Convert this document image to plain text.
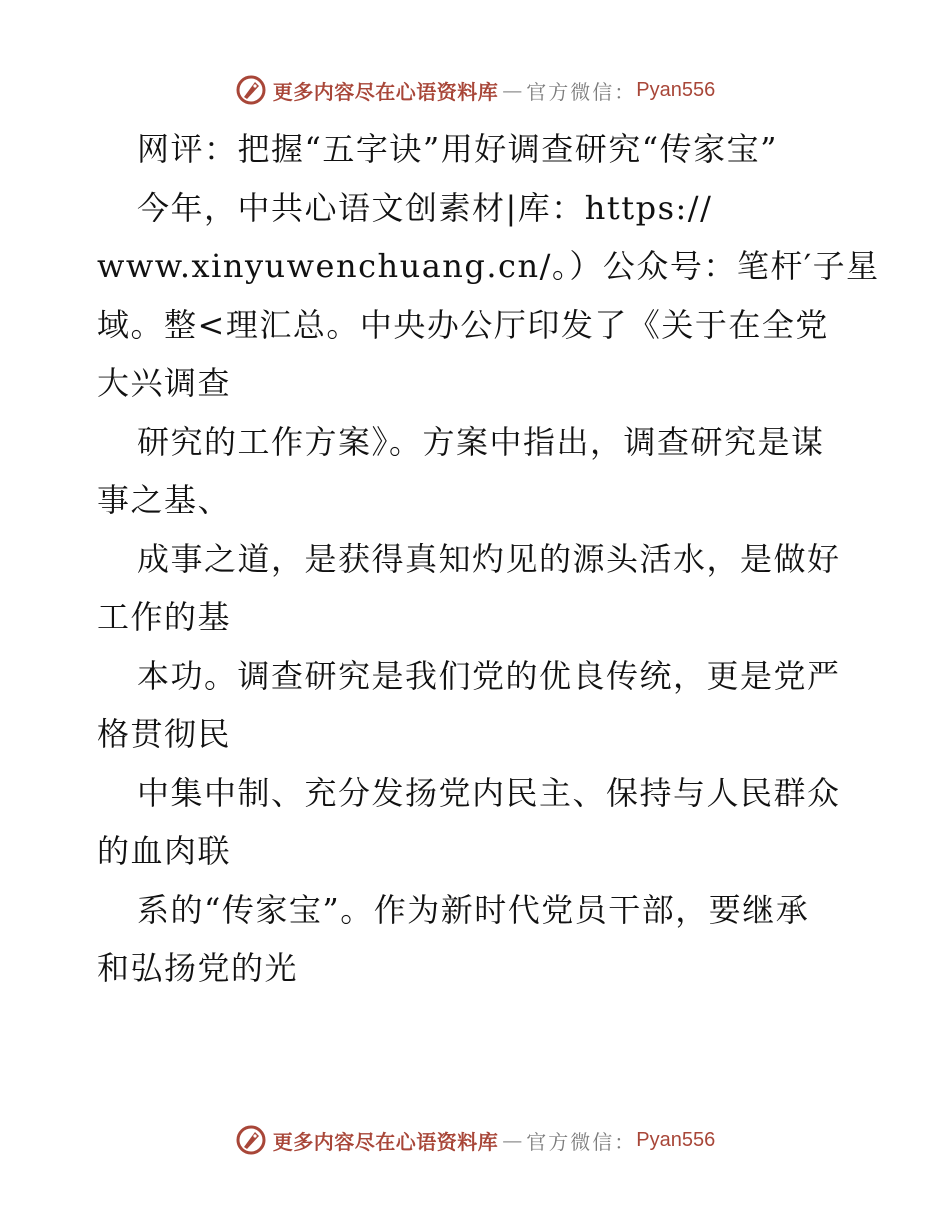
更多内容尽在心语资料库 — 官方微信： Pyan556
网评：把握“五字诀”用好调查研究“传家宝”
今年，中共心语文创素材|库：https://
www.xinyuwenchuang.cn/。）公众号：笔杆′子星
域。整<理汇总。中央办公厅印发了《关于在全党
大兴调查
研究的工作方案》。方案中指出，调查研究是谋
事之基、
成事之道，是获得真知灼见的源头活水，是做好
工作的基
本功。调查研究是我们党的优良传统，更是党严
格贯彻民
中集中制、充分发扬党内民主、保持与人民群众
的血肉联
系的“传家宝”。作为新时代党员干部，要继承
和弘扬党的光
更多内容尽在心语资料库 — 官方微信： Pyan556
